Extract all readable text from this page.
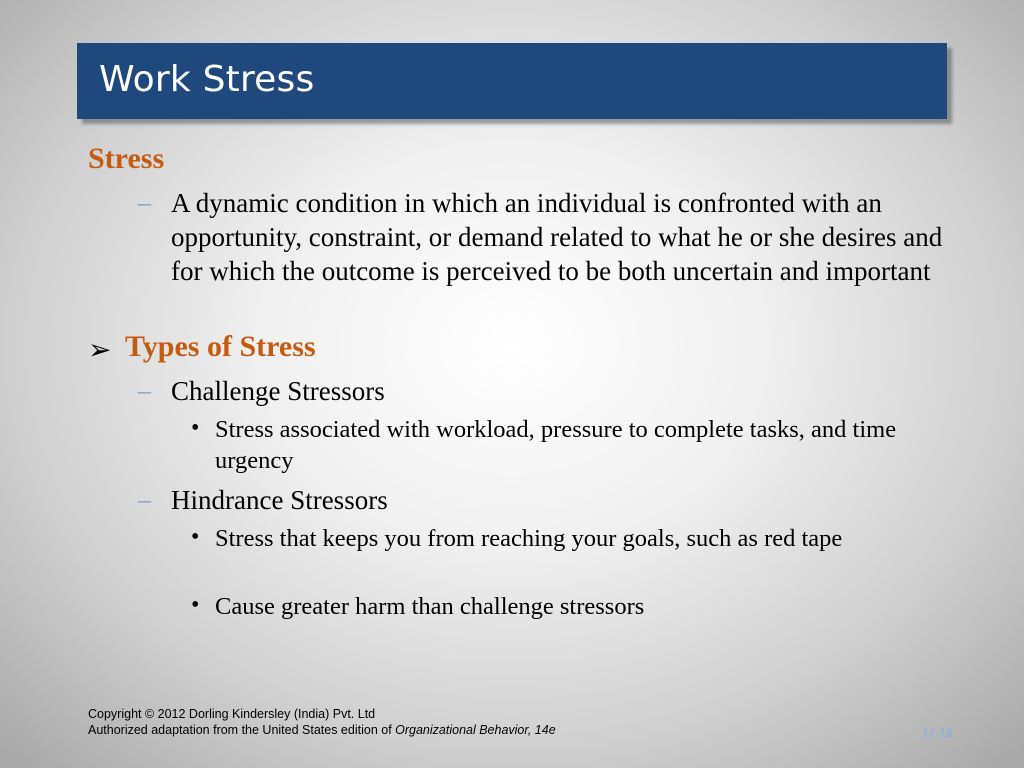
Work Stress
Stress
– A dynamic condition in which an individual is confronted with an opportunity, constraint, or demand related to what he or she desires and for which the outcome is perceived to be both uncertain and important
➢ Types of Stress
– Challenge Stressors
• Stress associated with workload, pressure to complete tasks, and time urgency
– Hindrance Stressors
• Stress that keeps you from reaching your goals, such as red tape
• Cause greater harm than challenge stressors
Copyright © 2012 Dorling Kindersley (India) Pvt. Ltd
Authorized adaptation from the United States edition of Organizational Behavior, 14e	17-18
